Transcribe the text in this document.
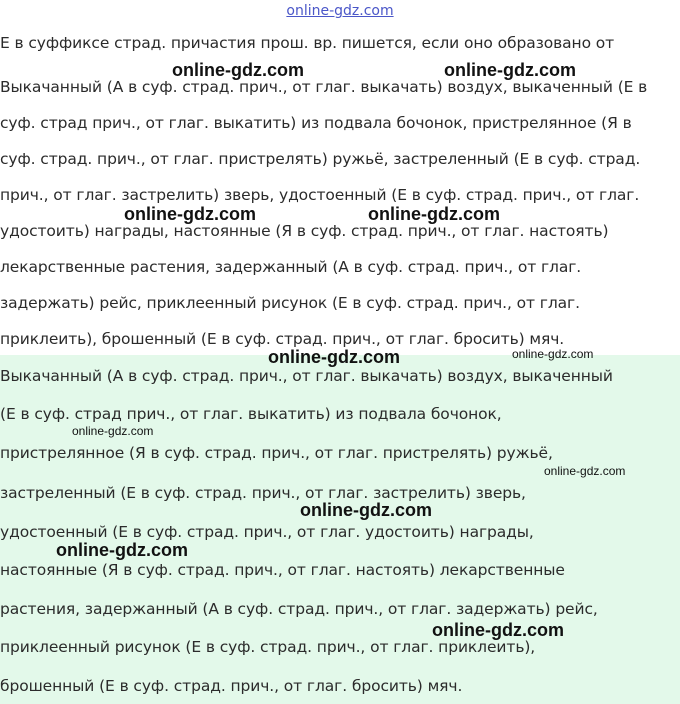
online-gdz.com
Е в суффиксе страд. причастия прош. вр. пишется, если оно образовано от
Выкачанный (А в суф. страд. прич., от глаг. выкачать) воздух, выкаченный (Е в
суф. страд прич., от глаг. выкатить) из подвала бочонок, пристрелянное (Я в
суф. страд. прич., от глаг. пристрелять) ружьё, застреленный (Е в суф. страд.
прич., от глаг. застрелить) зверь, удостоенный (Е в суф. страд. прич., от глаг.
удостоить) награды, настоянные (Я в суф. страд. прич., от глаг. настоять)
лекарственные растения, задержанный (А в суф. страд. прич., от глаг.
задержать) рейс, приклеенный рисунок (Е в суф. страд. прич., от глаг.
приклеить), брошенный (Е в суф. страд. прич., от глаг. бросить) мяч.
Выкачанный (А в суф. страд. прич., от глаг. выкачать) воздух, выкаченный
(Е в суф. страд прич., от глаг. выкатить) из подвала бочонок,
пристрелянное (Я в суф. страд. прич., от глаг. пристрелять) ружьё,
застреленный (Е в суф. страд. прич., от глаг. застрелить) зверь,
удостоенный (Е в суф. страд. прич., от глаг. удостоить) награды,
настоянные (Я в суф. страд. прич., от глаг. настоять) лекарственные
растения, задержанный (А в суф. страд. прич., от глаг. задержать) рейс,
приклеенный рисунок (Е в суф. страд. прич., от глаг. приклеить),
брошенный (Е в суф. страд. прич., от глаг. бросить) мяч.
online-gdz.com	online-gdz.com
online-gdz.com	online-gdz.com
online-gdz.com	online-gdz.com
online-gdz.com
online-gdz.com
online-gdz.com
online-gdz.com
online-gdz.com
